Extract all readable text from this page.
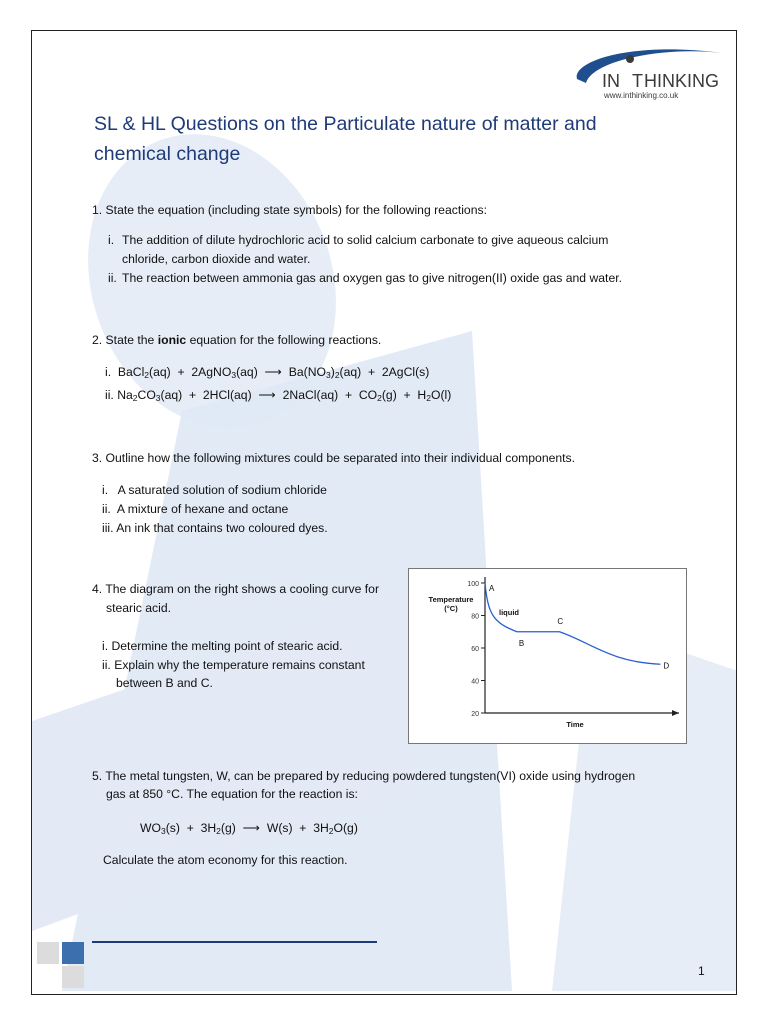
IN T HINKING
www.inthinking.co.uk
SL & HL Questions on the Particulate nature of matter and
chemical change
1. State the equation (including state symbols) for the following reactions:
i. The addition of dilute hydrochloric acid to solid calcium carbonate to give aqueous calcium
chloride, carbon dioxide and water.
ii. The reaction between ammonia gas and oxygen gas to give nitrogen(II) oxide gas and water.
2. State the ionic equation for the following reactions.
i.  BaCl$_2$(aq)  +  2AgNO$_3$(aq)  ⟶  $Ba(NO_3)_2(aq)$  +  2AgCl(s)
ii. $Na_2CO_3(aq) + 2HCl(aq)$  ⟶  2NaCl(aq)  +  $CO_2(g) + H_2O(l)$
3. Outline how the following mixtures could be separated into their individual components.
i.   A saturated solution of sodium chloride
ii.  A mixture of hexane and octane
iii. An ink that contains two coloured dyes.
4. The diagram on the right shows a cooling curve for
stearic acid.
i. Determine the melting point of stearic acid.
ii. Explain why the temperature remains constant
between B and C.
100
80
60
40
20
Temperature
(°C)
Time
A
liquid
B
C
D
5. The metal tungsten, W, can be prepared by reducing powdered tungsten(VI) oxide using hydrogen
gas at 850 °C. The equation for the reaction is:
$WO_3(s) + 3H_2(g)$  ⟶  $W(s) + 3H_2O(g)$
Calculate the atom economy for this reaction.
1
